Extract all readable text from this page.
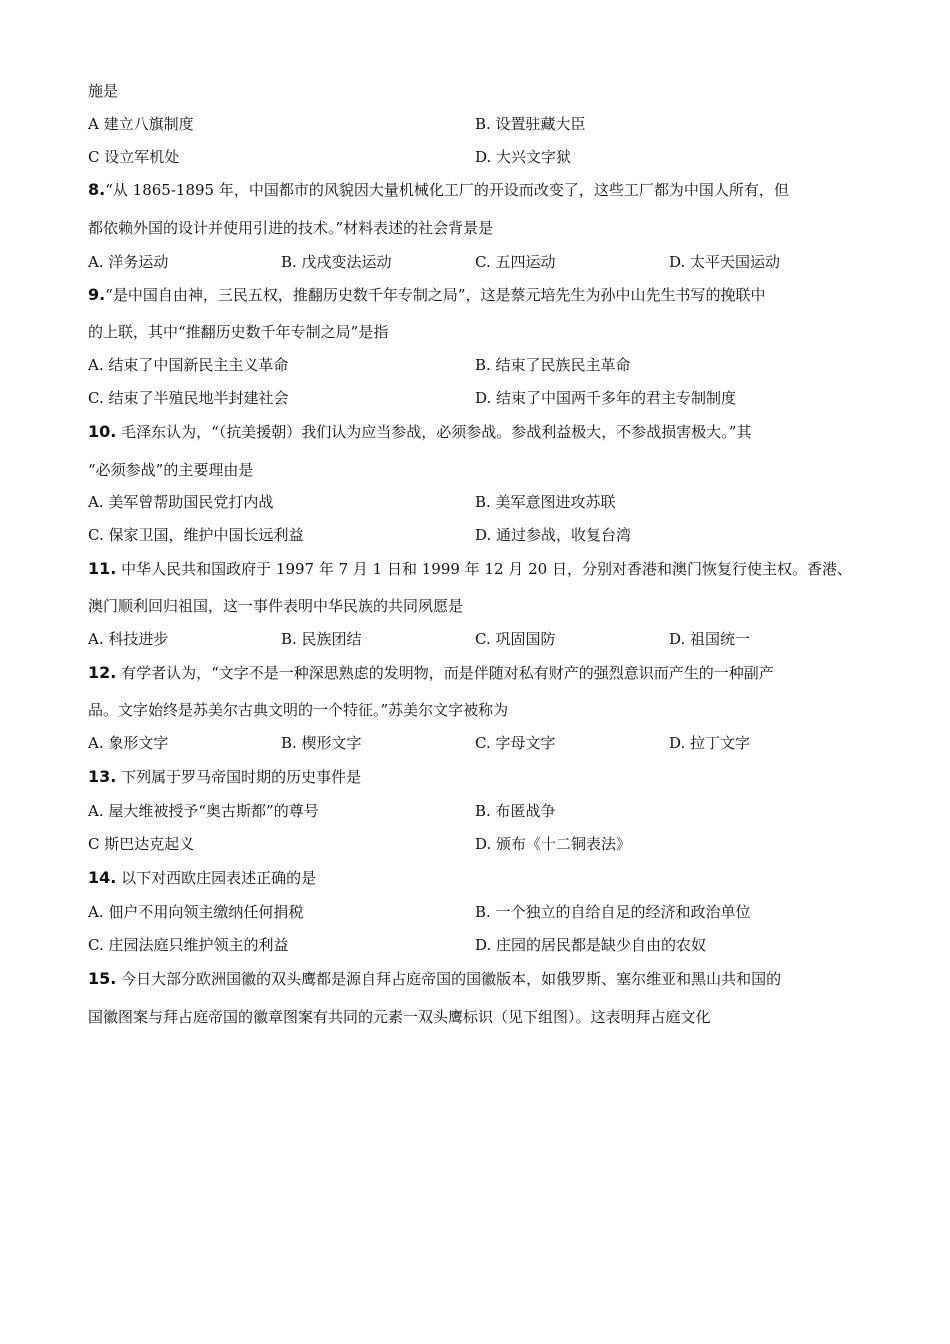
施是
A 建立八旗制度	B. 设置驻藏大臣
C 设立军机处	D. 大兴文字狱
8.“从 1865-1895 年，中国都市的风貌因大量机械化工厂的开设而改变了，这些工厂都为中国人所有，但
都依赖外国的设计并使用引进的技术。”材料表述的社会背景是
A. 洋务运动	B. 戊戌变法运动	C. 五四运动	D. 太平天国运动
9.“是中国自由神，三民五权，推翻历史数千年专制之局”，这是蔡元培先生为孙中山先生书写的挽联中
的上联，其中“推翻历史数千年专制之局”是指
A. 结束了中国新民主主义革命	B. 结束了民族民主革命
C. 结束了半殖民地半封建社会	D. 结束了中国两千多年的君主专制制度
10. 毛泽东认为，“（抗美援朝）我们认为应当参战，必须参战。参战利益极大，不参战损害极大。”其
“必须参战”的主要理由是
A. 美军曾帮助国民党打内战	B. 美军意图进攻苏联
C. 保家卫国，维护中国长远利益	D. 通过参战，收复台湾
11. 中华人民共和国政府于 1997 年 7 月 1 日和 1999 年 12 月 20 日，分别对香港和澳门恢复行使主权。香港、
澳门顺利回归祖国，这一事件表明中华民族的共同夙愿是
A. 科技进步	B. 民族团结	C. 巩固国防	D. 祖国统一
12. 有学者认为，“文字不是一种深思熟虑的发明物，而是伴随对私有财产的强烈意识而产生的一种副产
品。文字始终是苏美尔古典文明的一个特征。”苏美尔文字被称为
A. 象形文字	B. 楔形文字	C. 字母文字	D. 拉丁文字
13. 下列属于罗马帝国时期的历史事件是
A. 屋大维被授予“奥古斯都”的尊号	B. 布匿战争
C 斯巴达克起义	D. 颁布《十二铜表法》
14. 以下对西欧庄园表述正确的是
A. 佃户不用向领主缴纳任何捐税	B. 一个独立的自给自足的经济和政治单位
C. 庄园法庭只维护领主的利益	D. 庄园的居民都是缺少自由的农奴
15. 今日大部分欧洲国徽的双头鹰都是源自拜占庭帝国的国徽版本，如俄罗斯、塞尔维亚和黑山共和国的
国徽图案与拜占庭帝国的徽章图案有共同的元素一双头鹰标识（见下组图）。这表明拜占庭文化
